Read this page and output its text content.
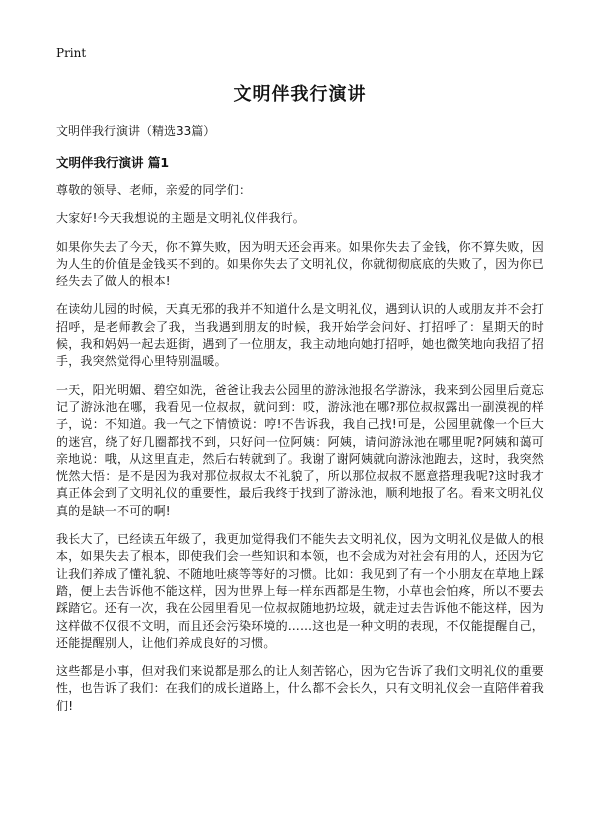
Print
文明伴我行演讲
文明伴我行演讲（精选33篇）
文明伴我行演讲 篇1

尊敬的领导、老师，亲爱的同学们：

大家好!今天我想说的主题是文明礼仪伴我行。

如果你失去了今天，你不算失败，因为明天还会再来。如果你失去了金钱，你不算失败，因为人生的价值是金钱买不到的。如果你失去了文明礼仪，你就彻彻底底的失败了，因为你已经失去了做人的根本!

在读幼儿园的时候，天真无邪的我并不知道什么是文明礼仪，遇到认识的人或朋友并不会打招呼，是老师教会了我，当我遇到朋友的时候，我开始学会问好、打招呼了：星期天的时候，我和妈妈一起去逛街，遇到了一位朋友，我主动地向她打招呼，她也微笑地向我招了招手，我突然觉得心里特别温暖。

一天，阳光明媚、碧空如洗，爸爸让我去公园里的游泳池报名学游泳，我来到公园里后竟忘记了游泳池在哪，我看见一位叔叔，就问到：哎，游泳池在哪?那位叔叔露出一副漠视的样子，说：不知道。我一气之下情愤说：哼!不告诉我，我自己找!可是，公园里就像一个巨大的迷宫，绕了好几圈都找不到，只好问一位阿姨：阿姨，请问游泳池在哪里呢?阿姨和蔼可亲地说：哦，从这里直走，然后右转就到了。我谢了谢阿姨就向游泳池跑去，这时，我突然恍然大悟：是不是因为我对那位叔叔太不礼貌了，所以那位叔叔不愿意搭理我呢?这时我才真正体会到了文明礼仪的重要性，最后我终于找到了游泳池，顺利地报了名。看来文明礼仪真的是缺一不可的啊!

我长大了，已经读五年级了，我更加觉得我们不能失去文明礼仪，因为文明礼仪是做人的根本，如果失去了根本，即使我们会一些知识和本领，也不会成为对社会有用的人，还因为它让我们养成了懂礼貌、不随地吐痰等等好的习惯。比如：我见到了有一个小朋友在草地上踩踏，便上去告诉他不能这样，因为世界上每一样东西都是生物，小草也会怕疼，所以不要去踩踏它。还有一次，我在公园里看见一位叔叔随地扔垃圾，就走过去告诉他不能这样，因为这样做不仅很不文明，而且还会污染环境的……这也是一种文明的表现，不仅能提醒自己，还能提醒别人，让他们养成良好的习惯。

这些都是小事，但对我们来说都是那么的让人刻苦铭心，因为它告诉了我们文明礼仪的重要性，也告诉了我们：在我们的成长道路上，什么都不会长久，只有文明礼仪会一直陪伴着我们!
